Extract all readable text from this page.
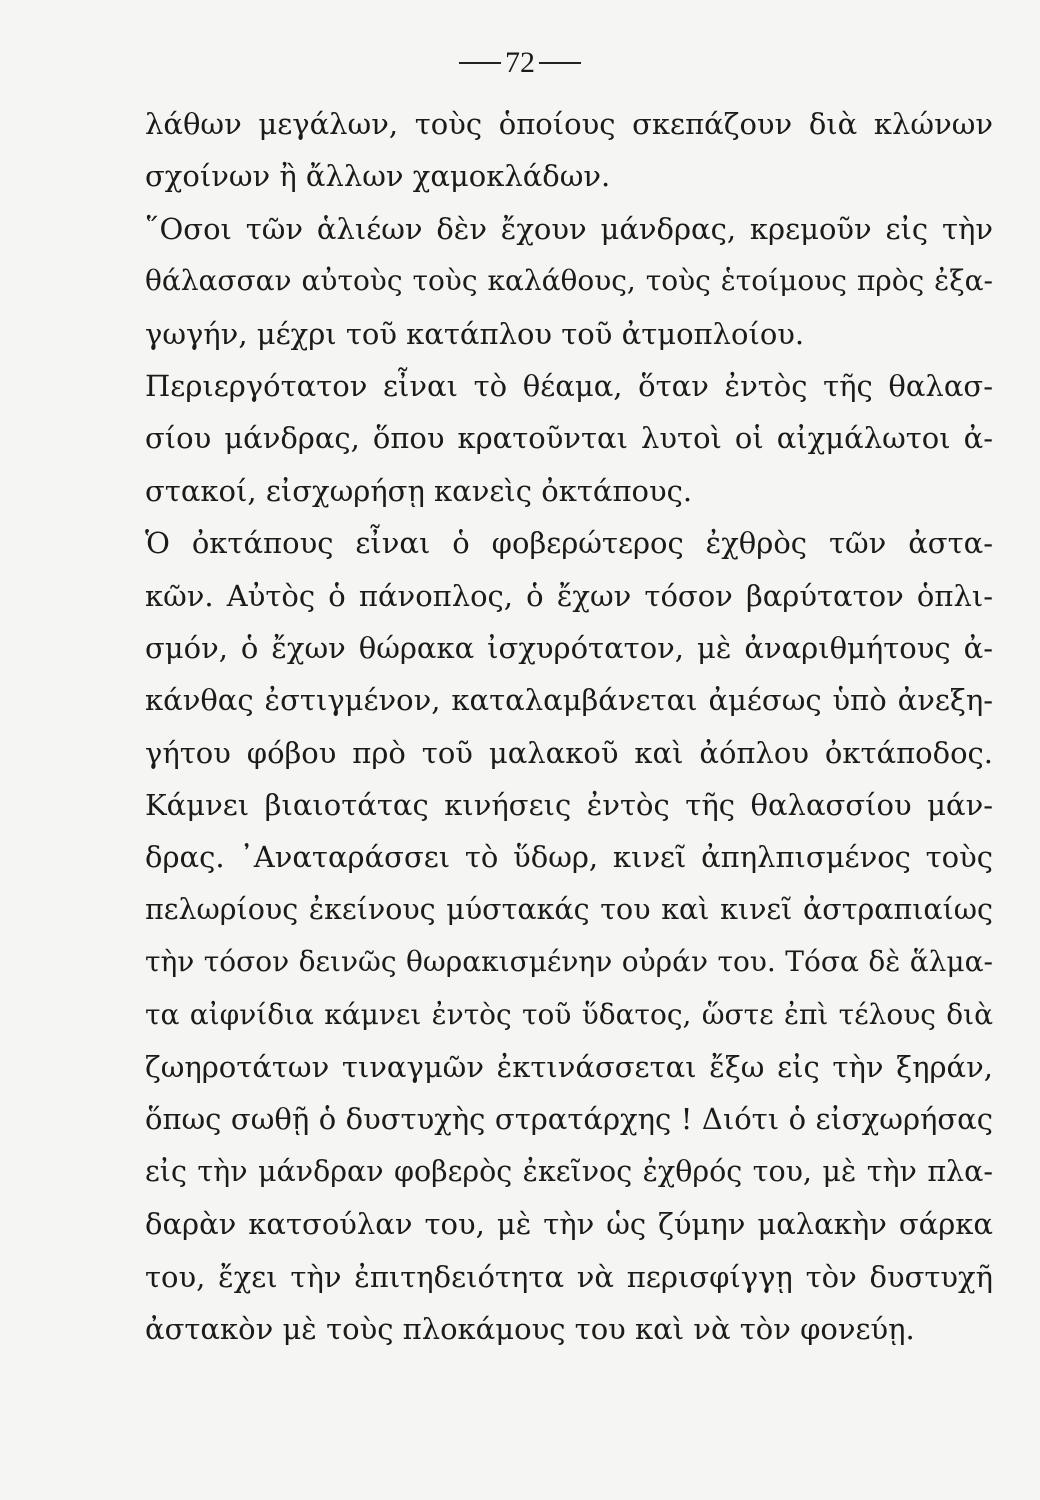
72
λάθων μεγάλων, τοὺς ὁποίους σκεπάζουν διὰ κλώνων
σχοίνων ἢ ἄλλων χαμοκλάδων.
῞Οσοι τῶν ἁλιέων δὲν ἔχουν μάνδρας, κρεμοῦν εἰς τὴν
θάλασσαν αὐτοὺς τοὺς καλάθους, τοὺς ἑτοίμους πρὸς ἐξα-
γωγήν, μέχρι τοῦ κατάπλου τοῦ ἀτμοπλοίου.
Περιεργότατον εἶναι τὸ θέαμα, ὅταν ἐντὸς τῆς θαλασ-
σίου μάνδρας, ὅπου κρατοῦνται λυτοὶ οἱ αἰχμάλωτοι ἀ-
στακοί, εἰσχωρήσῃ κανεὶς ὀκτάπους.
Ὁ ὀκτάπους εἶναι ὁ φοβερώτερος ἐχθρὸς τῶν ἀστα-
κῶν. Αὐτὸς ὁ πάνοπλος, ὁ ἔχων τόσον βαρύτατον ὁπλι-
σμόν, ὁ ἔχων θώρακα ἰσχυρότατον, μὲ ἀναριθμήτους ἀ-
κάνθας ἐστιγμένον, καταλαμβάνεται ἀμέσως ὑπὸ ἀνεξη-
γήτου φόβου πρὸ τοῦ μαλακοῦ καὶ ἀόπλου ὀκτάποδος.
Κάμνει βιαιοτάτας κινήσεις ἐντὸς τῆς θαλασσίου μάν-
δρας. ᾿Αναταράσσει τὸ ὕδωρ, κινεῖ ἀπηλπισμένος τοὺς
πελωρίους ἐκείνους μύστακάς του καὶ κινεῖ ἀστραπιαίως
τὴν τόσον δεινῶς θωρακισμένην οὐράν του. Τόσα δὲ ἅλμα-
τα αἰφνίδια κάμνει ἐντὸς τοῦ ὕδατος, ὥστε ἐπὶ τέλους διὰ
ζωηροτάτων τιναγμῶν ἐκτινάσσεται ἔξω εἰς τὴν ξηράν,
ὅπως σωθῇ ὁ δυστυχὴς στρατάρχης ! Διότι ὁ εἰσχωρήσας
εἰς τὴν μάνδραν φοβερὸς ἐκεῖνος ἐχθρός του, μὲ τὴν πλα-
δαρὰν κατσούλαν του, μὲ τὴν ὡς ζύμην μαλακὴν σάρκα
του, ἔχει τὴν ἐπιτηδειότητα νὰ περισφίγγῃ τὸν δυστυχῆ
ἀστακὸν μὲ τοὺς πλοκάμους του καὶ νὰ τὸν φονεύῃ.
